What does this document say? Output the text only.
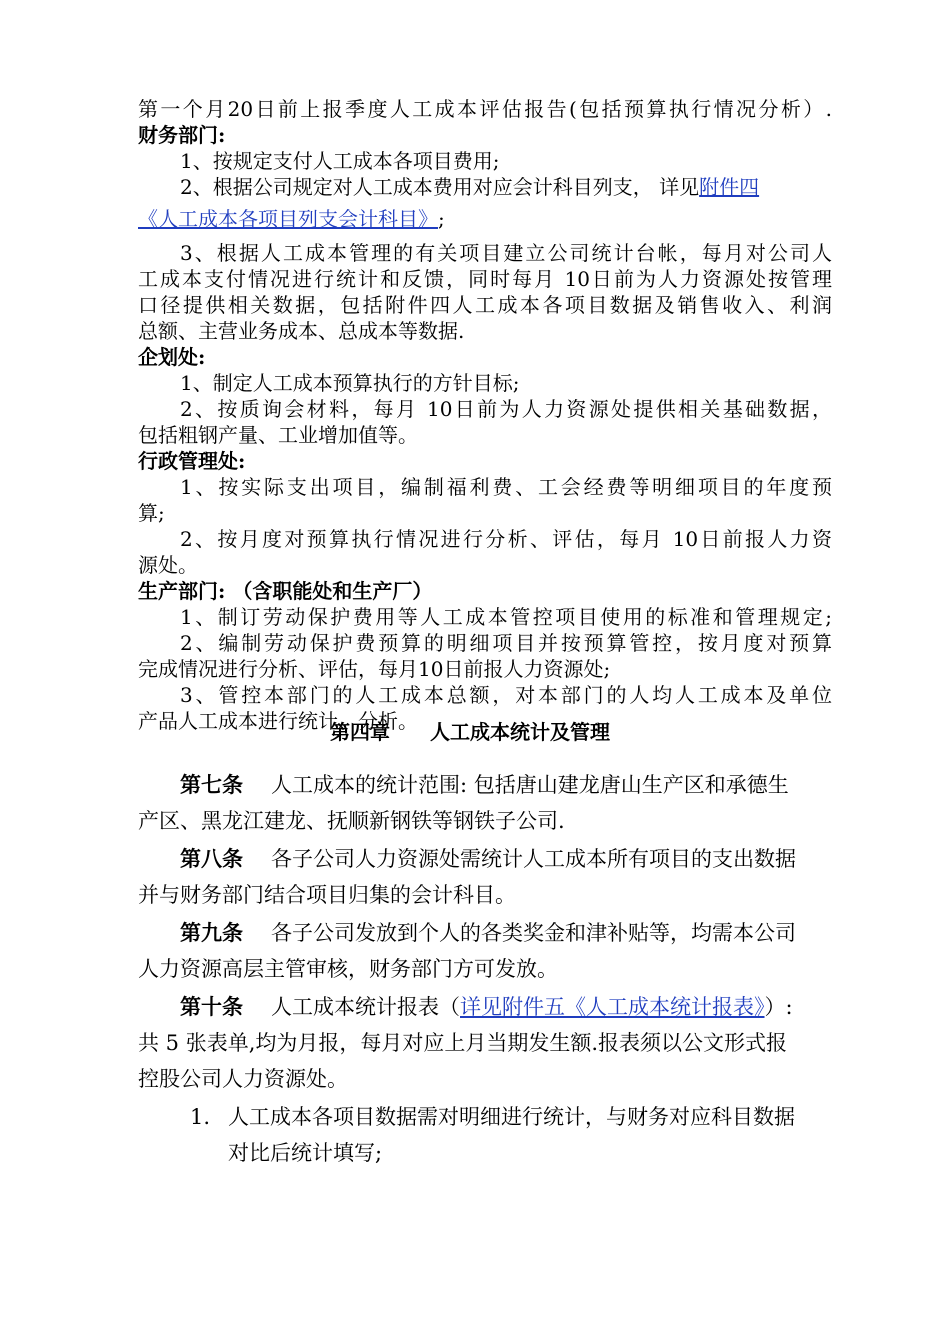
第一个月20日前上报季度人工成本评估报告(包括预算执行情况分析）.
财务部门:
1、按规定支付人工成本各项目费用;
2、根据公司规定对人工成本费用对应会计科目列支， 详见附件四
《人工成本各项目列支会计科目》;
3、根据人工成本管理的有关项目建立公司统计台帐，每月对公司人
工成本支付情况进行统计和反馈，同时每月 10日前为人力资源处按管理
口径提供相关数据，包括附件四人工成本各项目数据及销售收入、利润
总额、主营业务成本、总成本等数据.
企划处:
1、制定人工成本预算执行的方针目标;
2、按质询会材料，每月 10日前为人力资源处提供相关基础数据，
包括粗钢产量、工业增加值等。
行政管理处:
1、按实际支出项目，编制福利费、工会经费等明细项目的年度预
算;
2、按月度对预算执行情况进行分析、评估，每月 10日前报人力资
源处。
生产部门: （含职能处和生产厂）
1、制订劳动保护费用等人工成本管控项目使用的标准和管理规定;
2、编制劳动保护费预算的明细项目并按预算管控，按月度对预算
完成情况进行分析、评估，每月10日前报人力资源处;
3、管控本部门的人工成本总额，对本部门的人均人工成本及单位
产品人工成本进行统计、分析。
第四章　　人工成本统计及管理
第七条 人工成本的统计范围: 包括唐山建龙唐山生产区和承德生
产区、黑龙江建龙、抚顺新钢铁等钢铁子公司.
第八条 各子公司人力资源处需统计人工成本所有项目的支出数据
并与财务部门结合项目归集的会计科目。
第九条 各子公司发放到个人的各类奖金和津补贴等，均需本公司
人力资源高层主管审核，财务部门方可发放。
第十条 人工成本统计报表（详见附件五《人工成本统计报表》）:
共 5 张表单,均为月报，每月对应上月当期发生额.报表须以公文形式报
控股公司人力资源处。
1. 人工成本各项目数据需对明细进行统计，与财务对应科目数据
对比后统计填写;
